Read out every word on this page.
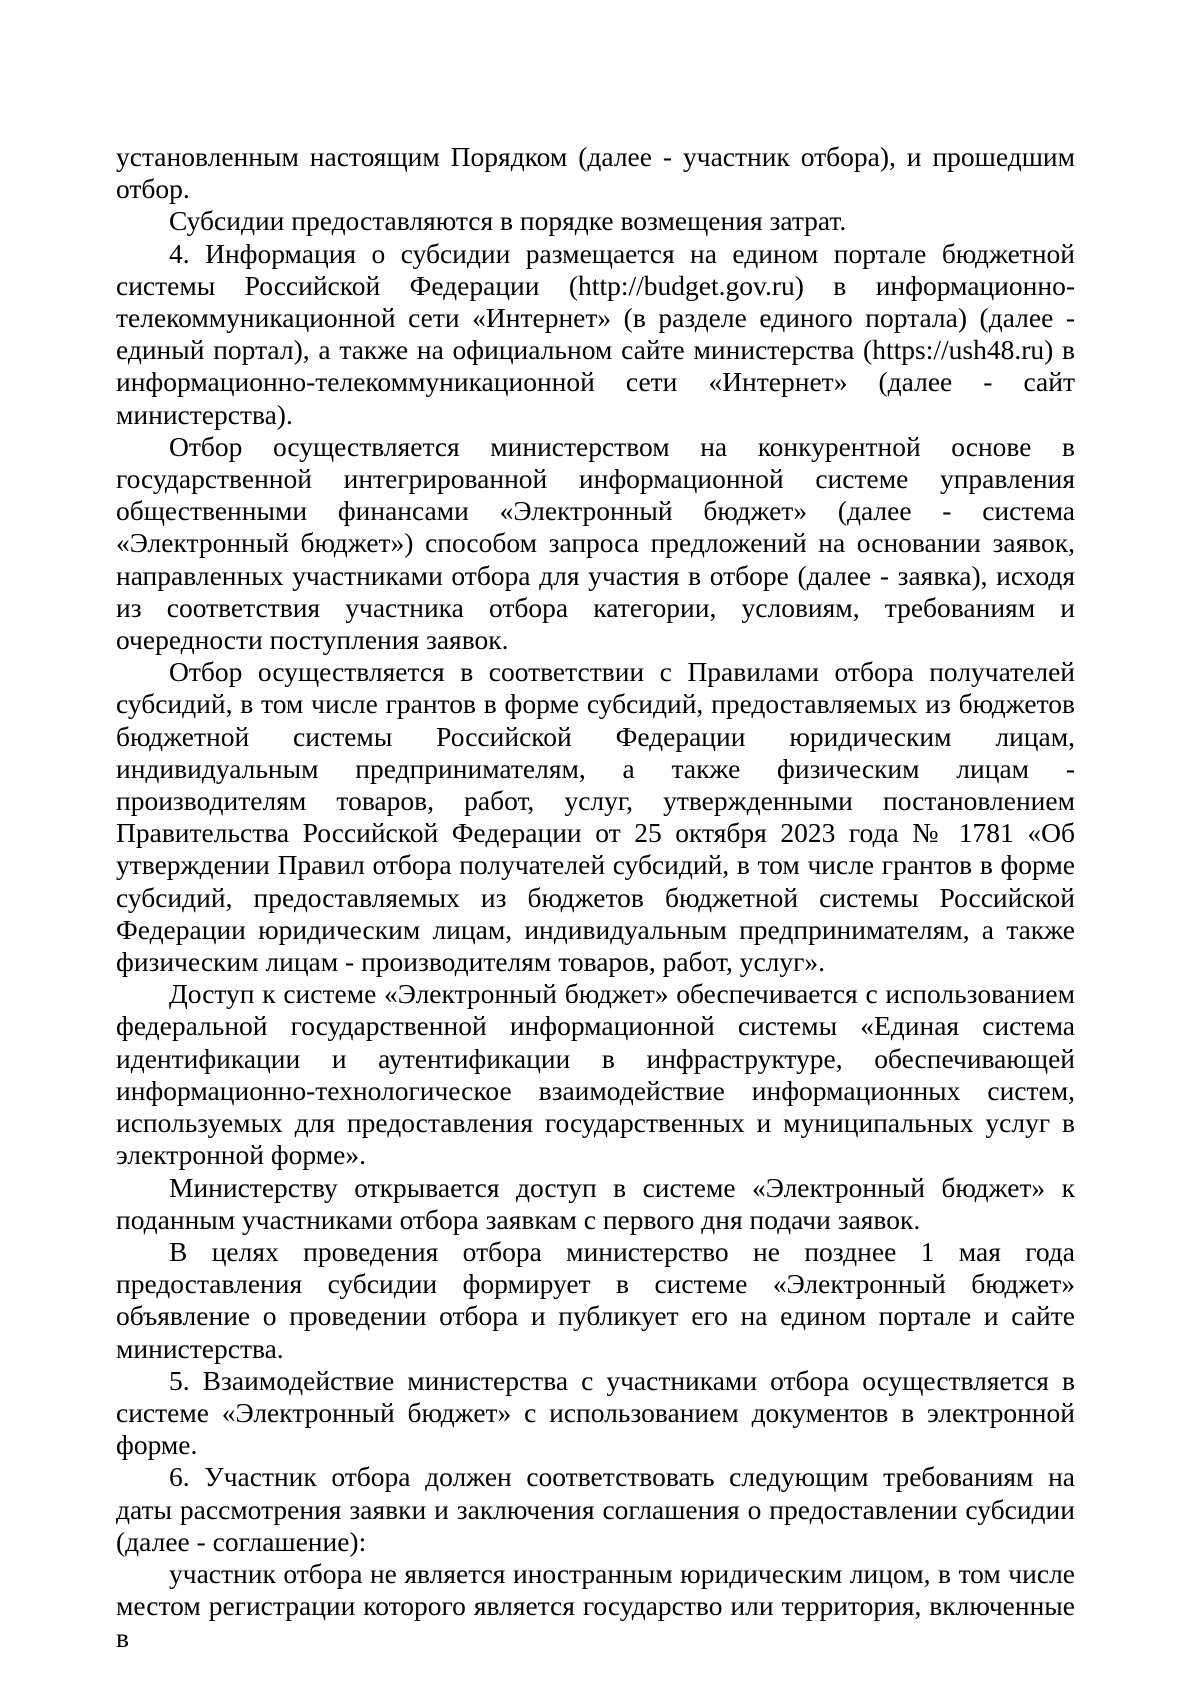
установленным настоящим Порядком (далее - участник отбора), и прошедшим отбор.

Субсидии предоставляются в порядке возмещения затрат.

4. Информация о субсидии размещается на едином портале бюджетной системы Российской Федерации (http://budget.gov.ru) в информационно-телекоммуникационной сети «Интернет» (в разделе единого портала) (далее - единый портал), а также на официальном сайте министерства (https://ush48.ru) в информационно-телекоммуникационной сети «Интернет» (далее - сайт министерства).

Отбор осуществляется министерством на конкурентной основе в государственной интегрированной информационной системе управления общественными финансами «Электронный бюджет» (далее - система «Электронный бюджет») способом запроса предложений на основании заявок, направленных участниками отбора для участия в отборе (далее - заявка), исходя из соответствия участника отбора категории, условиям, требованиям и очередности поступления заявок.

Отбор осуществляется в соответствии с Правилами отбора получателей субсидий, в том числе грантов в форме субсидий, предоставляемых из бюджетов бюджетной системы Российской Федерации юридическим лицам, индивидуальным предпринимателям, а также физическим лицам - производителям товаров, работ, услуг, утвержденными постановлением Правительства Российской Федерации от 25 октября 2023 года № 1781 «Об утверждении Правил отбора получателей субсидий, в том числе грантов в форме субсидий, предоставляемых из бюджетов бюджетной системы Российской Федерации юридическим лицам, индивидуальным предпринимателям, а также физическим лицам - производителям товаров, работ, услуг».

Доступ к системе «Электронный бюджет» обеспечивается с использованием федеральной государственной информационной системы «Единая система идентификации и аутентификации в инфраструктуре, обеспечивающей информационно-технологическое взаимодействие информационных систем, используемых для предоставления государственных и муниципальных услуг в электронной форме».

Министерству открывается доступ в системе «Электронный бюджет» к поданным участниками отбора заявкам с первого дня подачи заявок.

В целях проведения отбора министерство не позднее 1 мая года предоставления субсидии формирует в системе «Электронный бюджет» объявление о проведении отбора и публикует его на едином портале и сайте министерства.

5. Взаимодействие министерства с участниками отбора осуществляется в системе «Электронный бюджет» с использованием документов в электронной форме.

6. Участник отбора должен соответствовать следующим требованиям на даты рассмотрения заявки и заключения соглашения о предоставлении субсидии (далее - соглашение):

участник отбора не является иностранным юридическим лицом, в том числе местом регистрации которого является государство или территория, включенные в
